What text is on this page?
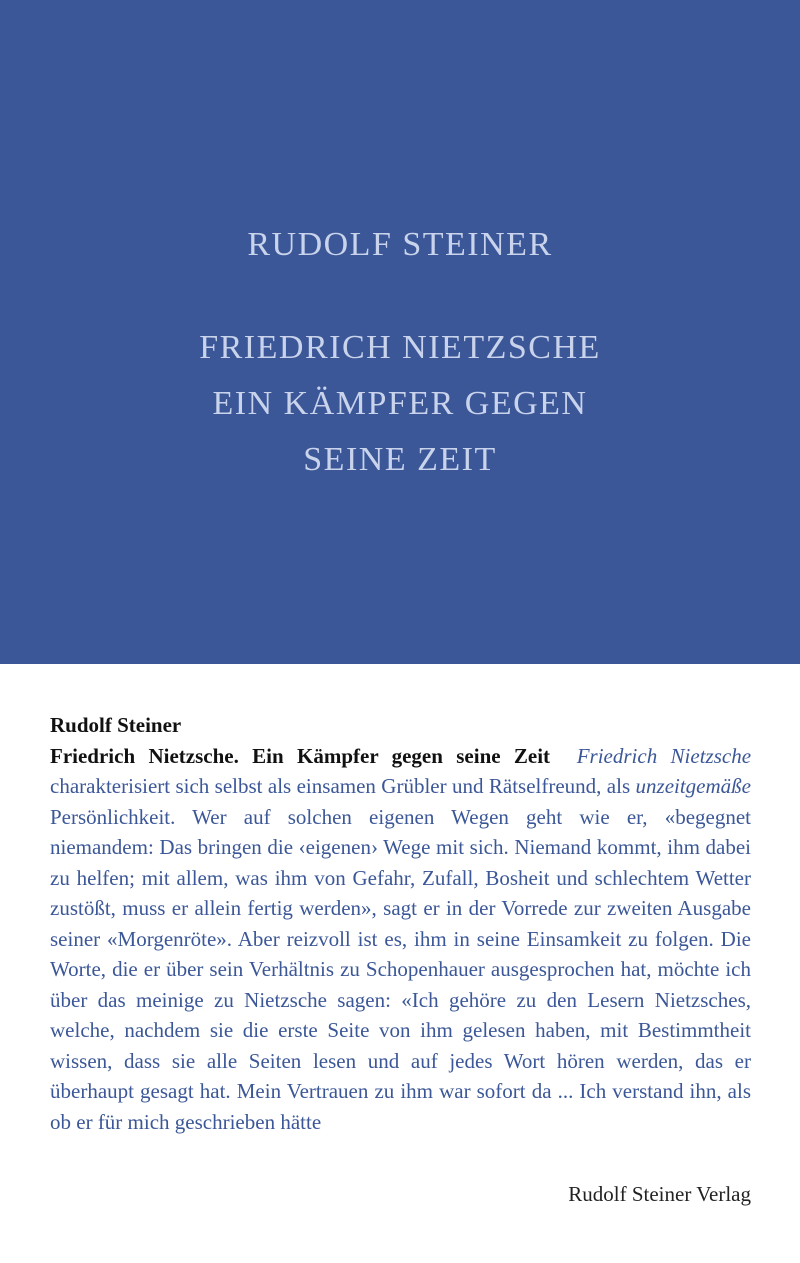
RUDOLF STEINER
FRIEDRICH NIETZSCHE
EIN KÄMPFER GEGEN
SEINE ZEIT
Rudolf Steiner
Friedrich Nietzsche. Ein Kämpfer gegen seine Zeit Friedrich Nietzsche charakterisiert sich selbst als einsamen Grübler und Rätselfreund, als unzeitgemäße Persönlichkeit. Wer auf solchen eigenen Wegen geht wie er, «begegnet niemandem: Das bringen die ‹eigenen› Wege mit sich. Niemand kommt, ihm dabei zu helfen; mit allem, was ihm von Gefahr, Zufall, Bosheit und schlechtem Wetter zustößt, muss er allein fertig werden», sagt er in der Vorrede zur zweiten Ausgabe seiner «Morgenröte». Aber reizvoll ist es, ihm in seine Einsamkeit zu folgen. Die Worte, die er über sein Verhältnis zu Schopenhauer ausgesprochen hat, möchte ich über das meinige zu Nietzsche sagen: «Ich gehöre zu den Lesern Nietzsches, welche, nachdem sie die erste Seite von ihm gelesen haben, mit Bestimmtheit wissen, dass sie alle Seiten lesen und auf jedes Wort hören werden, das er überhaupt gesagt hat. Mein Vertrauen zu ihm war sofort da ... Ich verstand ihn, als ob er für mich geschrieben hätte
Rudolf Steiner Verlag
